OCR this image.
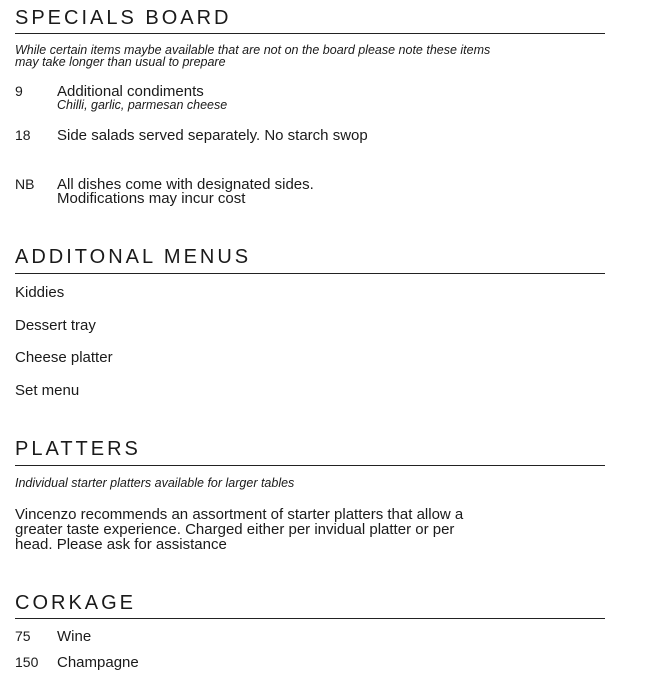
SPECIALS BOARD
While certain items maybe available that are not on the board please note these items
may take longer than usual to prepare
9 Additional condiments
Chilli, garlic, parmesan cheese
18 Side salads served separately. No starch swop
NB All dishes come with designated sides.
Modifications may incur cost
ADDITONAL MENUS
Kiddies
Dessert tray
Cheese platter
Set menu
PLATTERS
Individual starter platters available for larger tables
Vincenzo recommends an assortment of starter platters that allow a
greater taste experience. Charged either per invidual platter or per
head. Please ask for assistance
CORKAGE
75 Wine
150 Champagne
